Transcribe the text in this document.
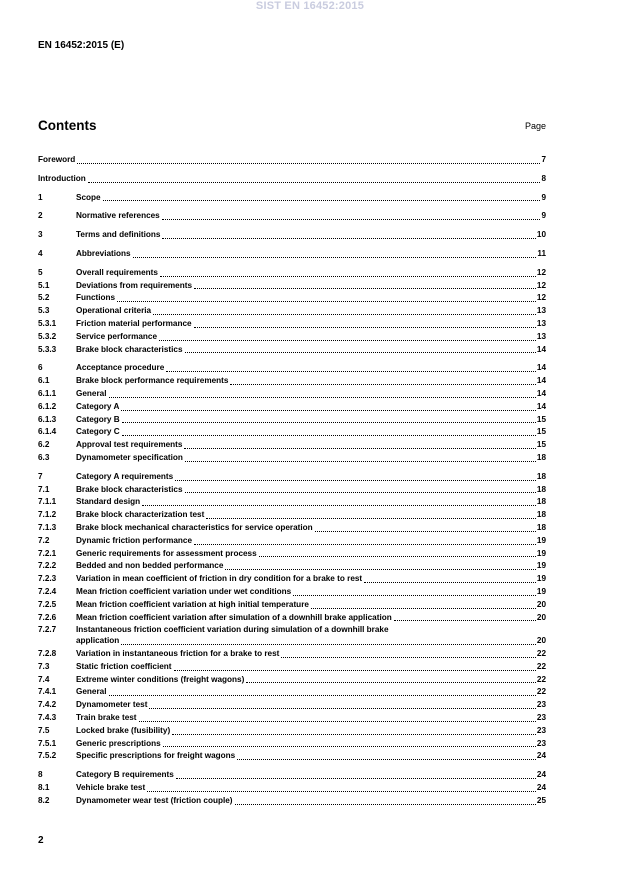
SIST EN 16452:2015
EN 16452:2015 (E)
Contents	Page
Foreword	7
Introduction	8
1	Scope	9
2	Normative references	9
3	Terms and definitions	10
4	Abbreviations	11
5	Overall requirements	12
5.1	Deviations from requirements	12
5.2	Functions	12
5.3	Operational criteria	13
5.3.1	Friction material performance	13
5.3.2	Service performance	13
5.3.3	Brake block characteristics	14
6	Acceptance procedure	14
6.1	Brake block performance requirements	14
6.1.1	General	14
6.1.2	Category A	14
6.1.3	Category B	15
6.1.4	Category C	15
6.2	Approval test requirements	15
6.3	Dynamometer specification	18
7	Category A requirements	18
7.1	Brake block characteristics	18
7.1.1	Standard design	18
7.1.2	Brake block characterization test	18
7.1.3	Brake block mechanical characteristics for service operation	18
7.2	Dynamic friction performance	19
7.2.1	Generic requirements for assessment process	19
7.2.2	Bedded and non bedded performance	19
7.2.3	Variation in mean coefficient of friction in dry condition for a brake to rest	19
7.2.4	Mean friction coefficient variation under wet conditions	19
7.2.5	Mean friction coefficient variation at high initial temperature	20
7.2.6	Mean friction coefficient variation after simulation of a downhill brake application	20
7.2.7	Instantaneous friction coefficient variation during simulation of a downhill brake
application	20
7.2.8	Variation in instantaneous friction for a brake to rest	22
7.3	Static friction coefficient	22
7.4	Extreme winter conditions (freight wagons)	22
7.4.1	General	22
7.4.2	Dynamometer test	23
7.4.3	Train brake test	23
7.5	Locked brake (fusibility)	23
7.5.1	Generic prescriptions	23
7.5.2	Specific prescriptions for freight wagons	24
8	Category B requirements	24
8.1	Vehicle brake test	24
8.2	Dynamometer wear test (friction couple)	25
2
